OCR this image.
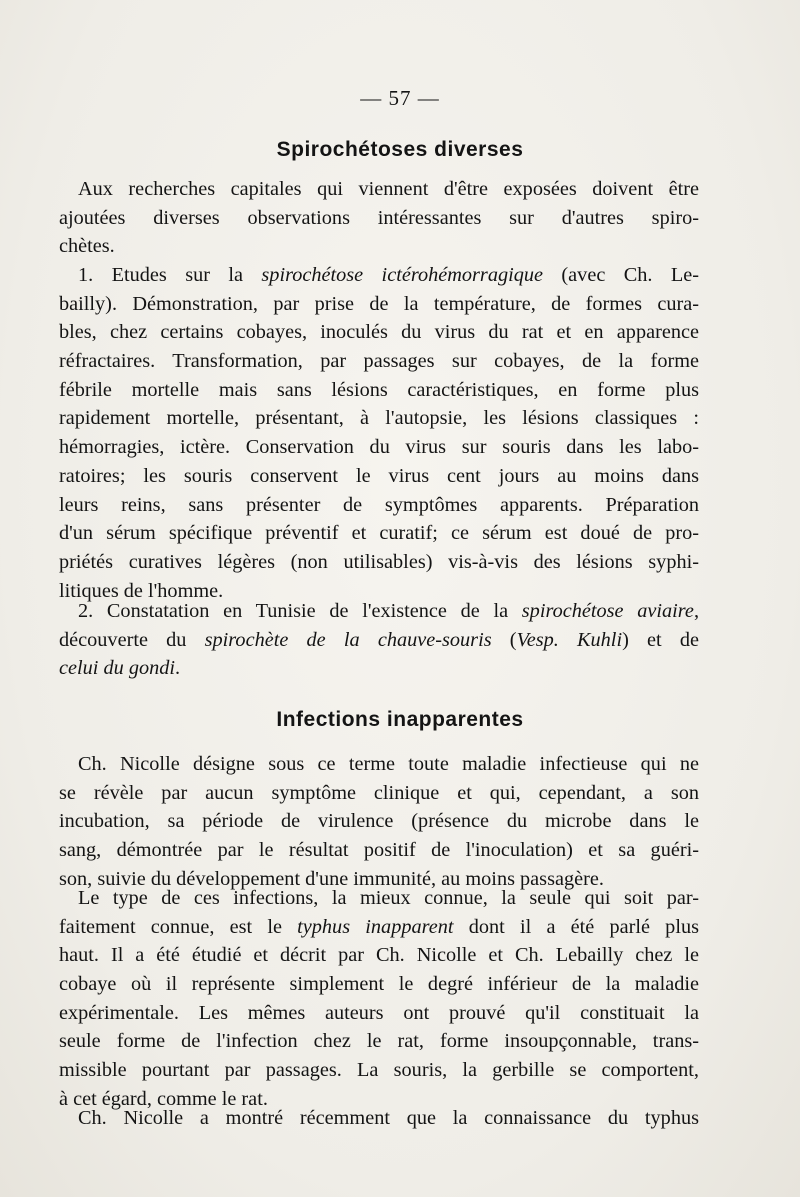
— 57 —
Spirochétoses diverses
Aux recherches capitales qui viennent d'être exposées doivent être
ajoutées diverses observations intéressantes sur d'autres spiro-
chètes.
1. Etudes sur la spirochétose ictérohémorragique (avec Ch. Le-
bailly). Démonstration, par prise de la température, de formes cura-
bles, chez certains cobayes, inoculés du virus du rat et en apparence
réfractaires. Transformation, par passages sur cobayes, de la forme
fébrile mortelle mais sans lésions caractéristiques, en forme plus
rapidement mortelle, présentant, à l'autopsie, les lésions classiques :
hémorragies, ictère. Conservation du virus sur souris dans les labo-
ratoires; les souris conservent le virus cent jours au moins dans
leurs reins, sans présenter de symptômes apparents. Préparation
d'un sérum spécifique préventif et curatif; ce sérum est doué de pro-
priétés curatives légères (non utilisables) vis-à-vis des lésions syphi-
litiques de l'homme.
2. Constatation en Tunisie de l'existence de la spirochétose aviaire,
découverte du spirochète de la chauve-souris (Vesp. Kuhli) et de
celui du gondi.
Infections inapparentes
Ch. Nicolle désigne sous ce terme toute maladie infectieuse qui ne
se révèle par aucun symptôme clinique et qui, cependant, a son
incubation, sa période de virulence (présence du microbe dans le
sang, démontrée par le résultat positif de l'inoculation) et sa guéri-
son, suivie du développement d'une immunité, au moins passagère.
Le type de ces infections, la mieux connue, la seule qui soit par-
faitement connue, est le typhus inapparent dont il a été parlé plus
haut. Il a été étudié et décrit par Ch. Nicolle et Ch. Lebailly chez le
cobaye où il représente simplement le degré inférieur de la maladie
expérimentale. Les mêmes auteurs ont prouvé qu'il constituait la
seule forme de l'infection chez le rat, forme insoupçonnable, trans-
missible pourtant par passages. La souris, la gerbille se comportent,
à cet égard, comme le rat.
Ch. Nicolle a montré récemment que la connaissance du typhus
